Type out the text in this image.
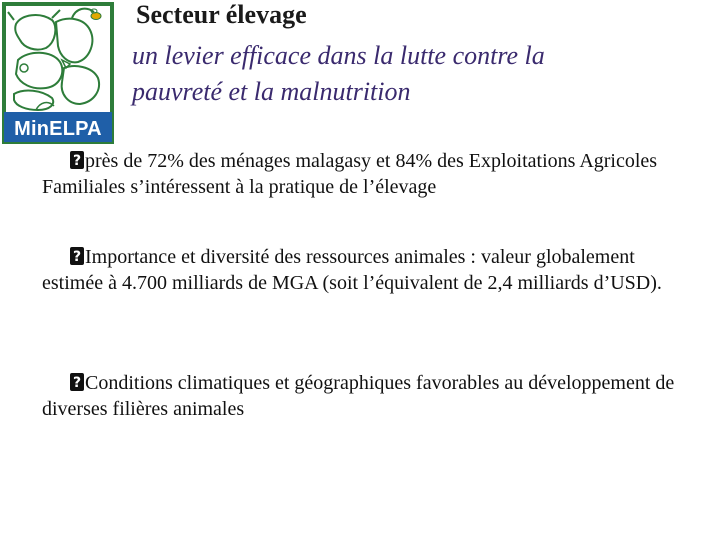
MinELPA
Secteur élevage
un levier efficace dans la lutte contre la
pauvreté et la malnutrition
?près de 72% des ménages malagasy et 84% des Exploitations Agricoles Familiales s’intéressent à la pratique de l’élevage
?Importance et diversité des ressources animales : valeur globalement estimée à 4.700 milliards de MGA (soit l’équivalent de 2,4 milliards d’USD).
?Conditions climatiques et géographiques favorables au développement de diverses filières animales
